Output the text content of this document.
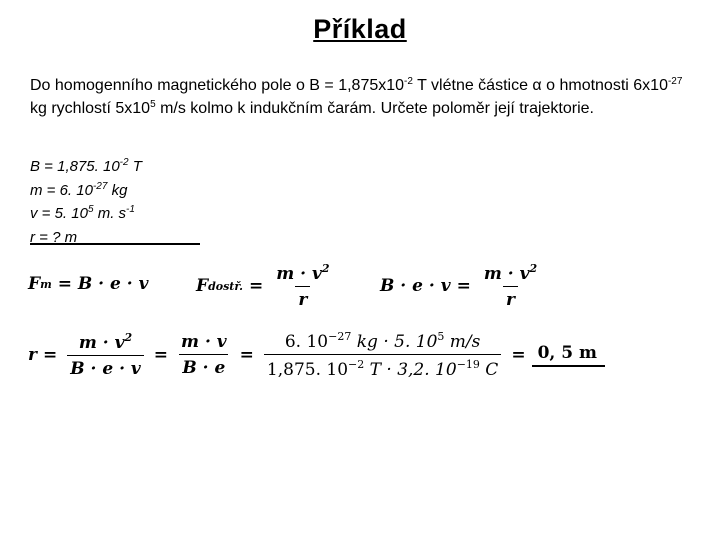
Příklad
Do homogenního magnetického pole o $B = 1,875x10^{-2}$ T vlétne částice α o hmotnosti $6x10^{-27}$ kg rychlostí $5x10^5$ m/s kolmo k indukčním čarám. Určete poloměr její trajektorie.
B = 1,875. $10^{-2}$ T
m = 6. $10^{-27}$ kg
v = 5. $10^5$ m. $s^{-1}$
r = ? m
F m = B · e · v	F dostř. = $\frac{m \cdot v^2}{r}$	$B \cdot e \cdot v = \frac{m \cdot v^2}{r}$
$r = \frac{m \cdot v^2}{B \cdot e \cdot v} = \frac{m \cdot v}{B \cdot e} = \frac{6. 10^{-27} kg \cdot 5. 10^5 m/s}{1,875. 10^{-2} T \cdot 3,2. 10^{-19} C} = 0$, 5 m
